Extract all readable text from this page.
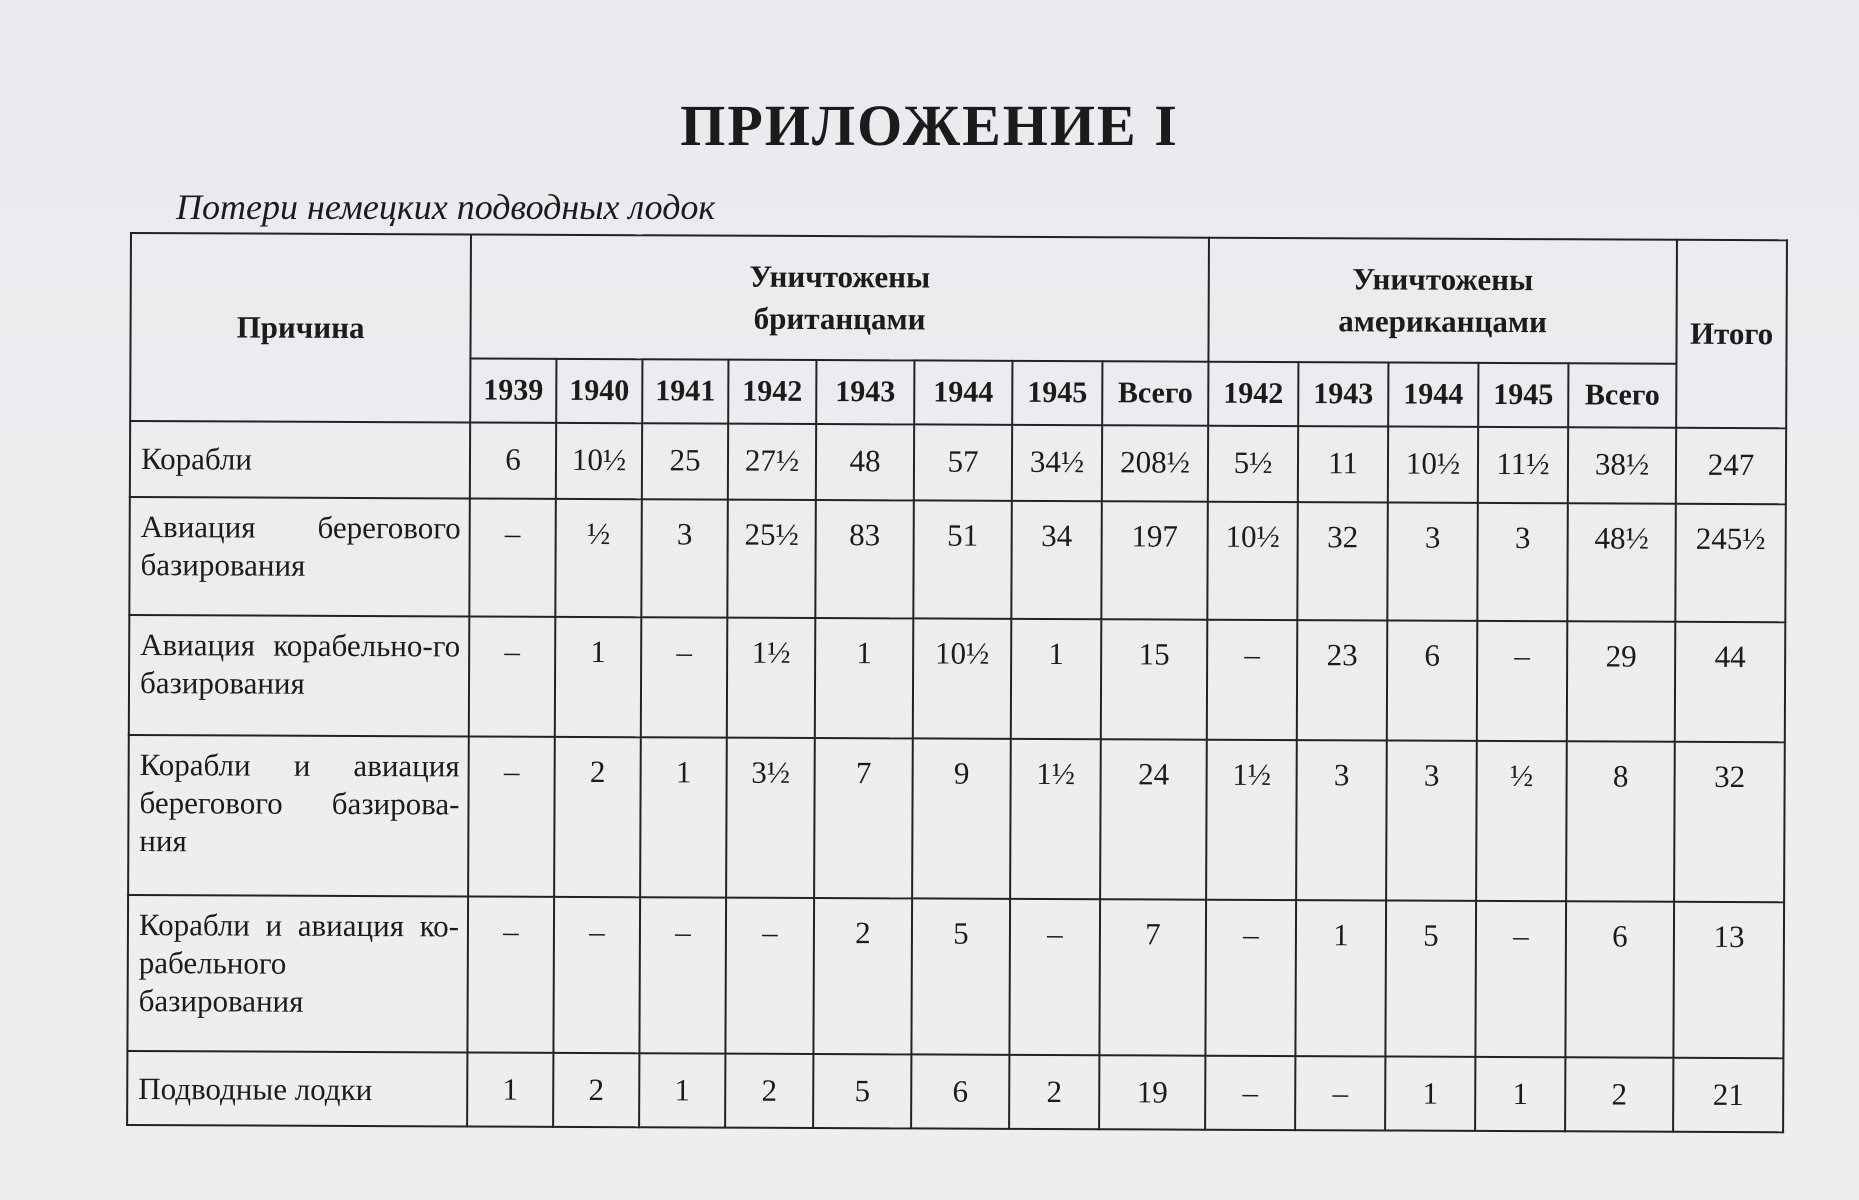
ПРИЛОЖЕНИЕ I
Потери немецких подводных лодок
Причина	Уничтожены британцами								Уничтожены американцами					Итого
	1939	1940	1941	1942	1943	1944	1945	Всего	1942	1943	1944	1945	Всего	
Корабли	6	10½	25	27½	48	57	34½	208½	5½	11	10½	11½	38½	247
Авиация берегового базирования	–	½	3	25½	83	51	34	197	10½	32	3	3	48½	245½
Авиация корабельно-го базирования	–	1	–	1½	1	10½	1	15	–	23	6	–	29	44
Корабли и авиация берегового базирова-ния	–	2	1	3½	7	9	1½	24	1½	3	3	½	8	32
Корабли и авиация ко-рабельного базирования	–	–	–	–	2	5	–	7	–	1	5	–	6	13
Подводные лодки	1	2	1	2	5	6	2	19	–	–	1	1	2	21
